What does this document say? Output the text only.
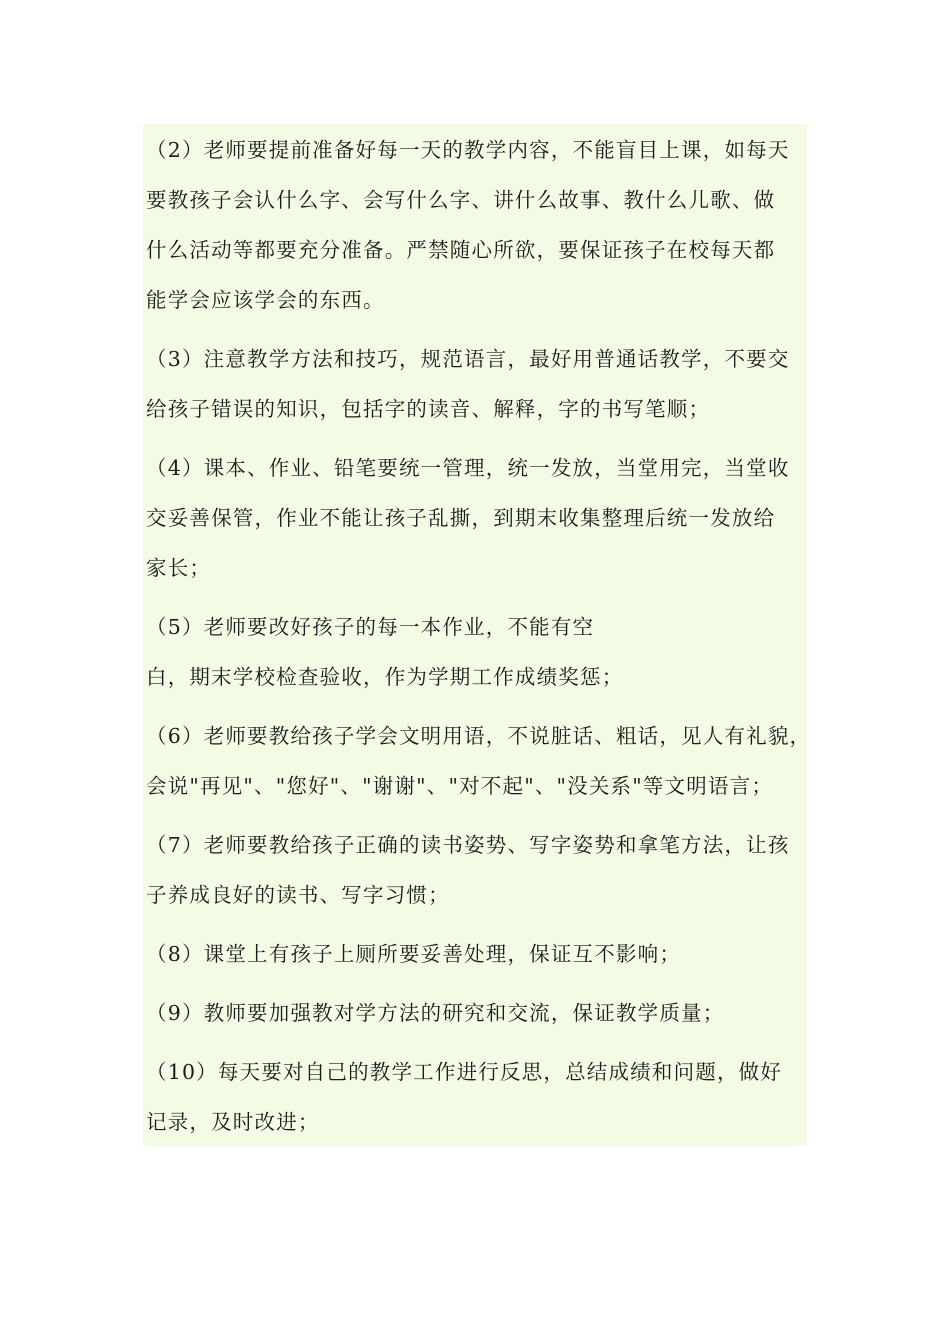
（2）老师要提前准备好每一天的教学内容，不能盲目上课，如每天
要教孩子会认什么字、会写什么字、讲什么故事、教什么儿歌、做
什么活动等都要充分准备。严禁随心所欲，要保证孩子在校每天都
能学会应该学会的东西。
（3）注意教学方法和技巧，规范语言，最好用普通话教学，不要交
给孩子错误的知识，包括字的读音、解释，字的书写笔顺；
（4）课本、作业、铅笔要统一管理，统一发放，当堂用完，当堂收
交妥善保管，作业不能让孩子乱撕，到期末收集整理后统一发放给
家长；
（5）老师要改好孩子的每一本作业，不能有空
白，期末学校检查验收，作为学期工作成绩奖惩；
（6）老师要教给孩子学会文明用语，不说脏话、粗话，见人有礼貌，
会说"再见"、"您好"、"谢谢"、"对不起"、"没关系"等文明语言；
（7）老师要教给孩子正确的读书姿势、写字姿势和拿笔方法，让孩
子养成良好的读书、写字习惯；
（8）课堂上有孩子上厕所要妥善处理，保证互不影响；
（9）教师要加强教对学方法的研究和交流，保证教学质量；
（10）每天要对自己的教学工作进行反思，总结成绩和问题，做好
记录，及时改进；
